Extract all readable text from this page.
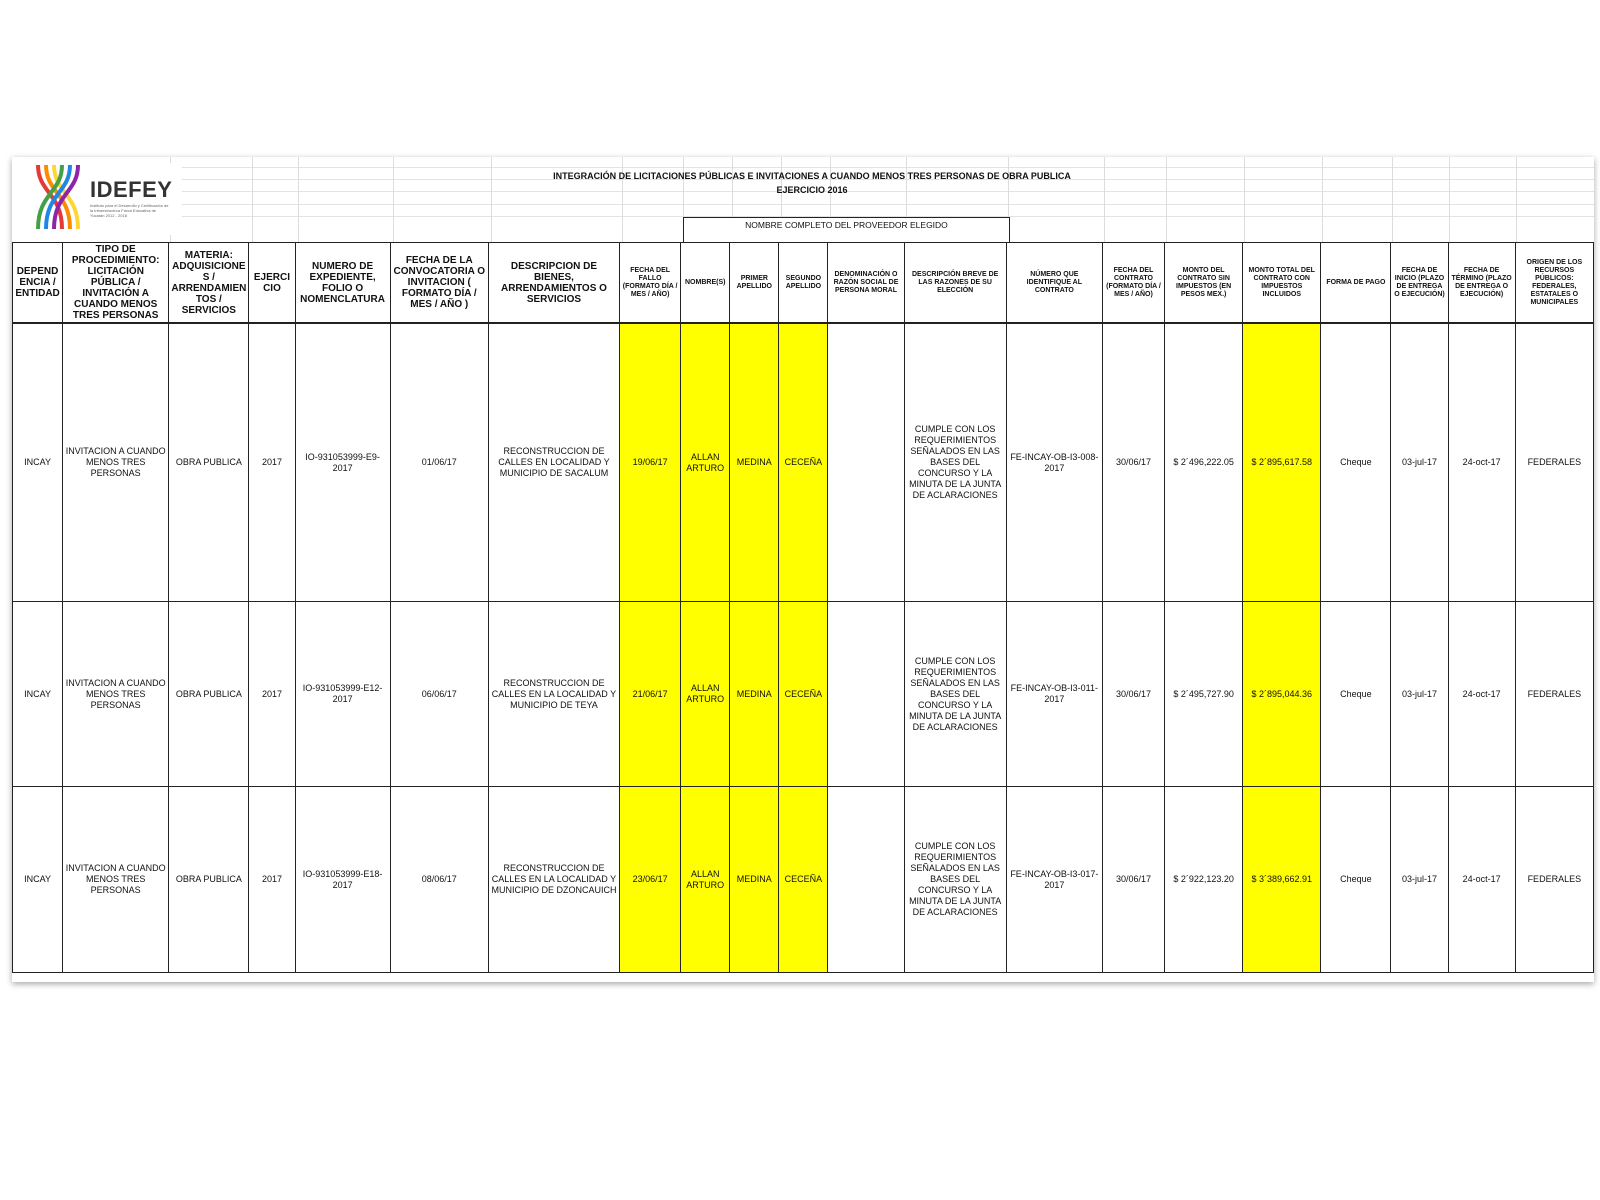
IDEFEY
Instituto para el Desarrollo y Certificación de la Infraestructura Física Educativa de Yucatán 2012 - 2018
INTEGRACIÓN DE LICITACIONES PÚBLICAS E INVITACIONES A CUANDO MENOS TRES PERSONAS DE OBRA PUBLICA
EJERCICIO 2016
NOMBRE COMPLETO DEL PROVEEDOR ELEGIDO
DEPEND ENCIA / ENTIDAD	TIPO DE PROCEDIMIENTO: LICITACIÓN PÚBLICA / INVITACIÓN A CUANDO MENOS TRES PERSONAS	MATERIA: ADQUISICIONE S / ARRENDAMIEN TOS / SERVICIOS	EJERCI CIO	NUMERO DE EXPEDIENTE, FOLIO O NOMENCLATURA	FECHA DE LA CONVOCATORIA O INVITACION ( FORMATO DÍA / MES / AÑO )	DESCRIPCION DE BIENES, ARRENDAMIENTOS O SERVICIOS	FECHA DEL FALLO (FORMATO DÍA / MES / AÑO)	NOMBRE(S)	PRIMER APELLIDO	SEGUNDO APELLIDO	DENOMINACIÓN O RAZÓN SOCIAL DE PERSONA MORAL	DESCRIPCIÓN BREVE DE LAS RAZONES DE SU ELECCIÓN	NÚMERO QUE IDENTIFIQUE AL CONTRATO	FECHA DEL CONTRATO (FORMATO DÍA / MES / AÑO)	MONTO DEL CONTRATO SIN IMPUESTOS (EN PESOS MEX.)	MONTO TOTAL DEL CONTRATO CON IMPUESTOS INCLUIDOS	FORMA DE PAGO	FECHA DE INICIO (PLAZO DE ENTREGA O EJECUCIÓN)	FECHA DE TÉRMINO (PLAZO DE ENTREGA O EJECUCIÓN)	ORIGEN DE LOS RECURSOS PÚBLICOS: FEDERALES, ESTATALES O MUNICIPALES
INCAY	INVITACION A CUANDO MENOS TRES PERSONAS	OBRA PUBLICA	2017	IO-931053999-E9-2017	01/06/17	RECONSTRUCCION DE CALLES EN LOCALIDAD Y MUNICIPIO DE SACALUM	19/06/17	ALLAN ARTURO	MEDINA	CECEÑA		CUMPLE CON LOS REQUERIMIENTOS SEÑALADOS EN LAS BASES DEL CONCURSO Y LA MINUTA DE LA JUNTA DE ACLARACIONES	FE-INCAY-OB-I3-008-2017	30/06/17	$ 2´496,222.05	$ 2´895,617.58	Cheque	03-jul-17	24-oct-17	FEDERALES
INCAY	INVITACION A CUANDO MENOS TRES PERSONAS	OBRA PUBLICA	2017	IO-931053999-E12-2017	06/06/17	RECONSTRUCCION DE CALLES EN LA LOCALIDAD Y MUNICIPIO DE TEYA	21/06/17	ALLAN ARTURO	MEDINA	CECEÑA		CUMPLE CON LOS REQUERIMIENTOS SEÑALADOS EN LAS BASES DEL CONCURSO Y LA MINUTA DE LA JUNTA DE ACLARACIONES	FE-INCAY-OB-I3-011-2017	30/06/17	$ 2´495,727.90	$ 2´895,044.36	Cheque	03-jul-17	24-oct-17	FEDERALES
INCAY	INVITACION A CUANDO MENOS TRES PERSONAS	OBRA PUBLICA	2017	IO-931053999-E18-2017	08/06/17	RECONSTRUCCION DE CALLES EN LA LOCALIDAD Y MUNICIPIO DE DZONCAUICH	23/06/17	ALLAN ARTURO	MEDINA	CECEÑA		CUMPLE CON LOS REQUERIMIENTOS SEÑALADOS EN LAS BASES DEL CONCURSO Y LA MINUTA DE LA JUNTA DE ACLARACIONES	FE-INCAY-OB-I3-017-2017	30/06/17	$ 2´922,123.20	$ 3´389,662.91	Cheque	03-jul-17	24-oct-17	FEDERALES
